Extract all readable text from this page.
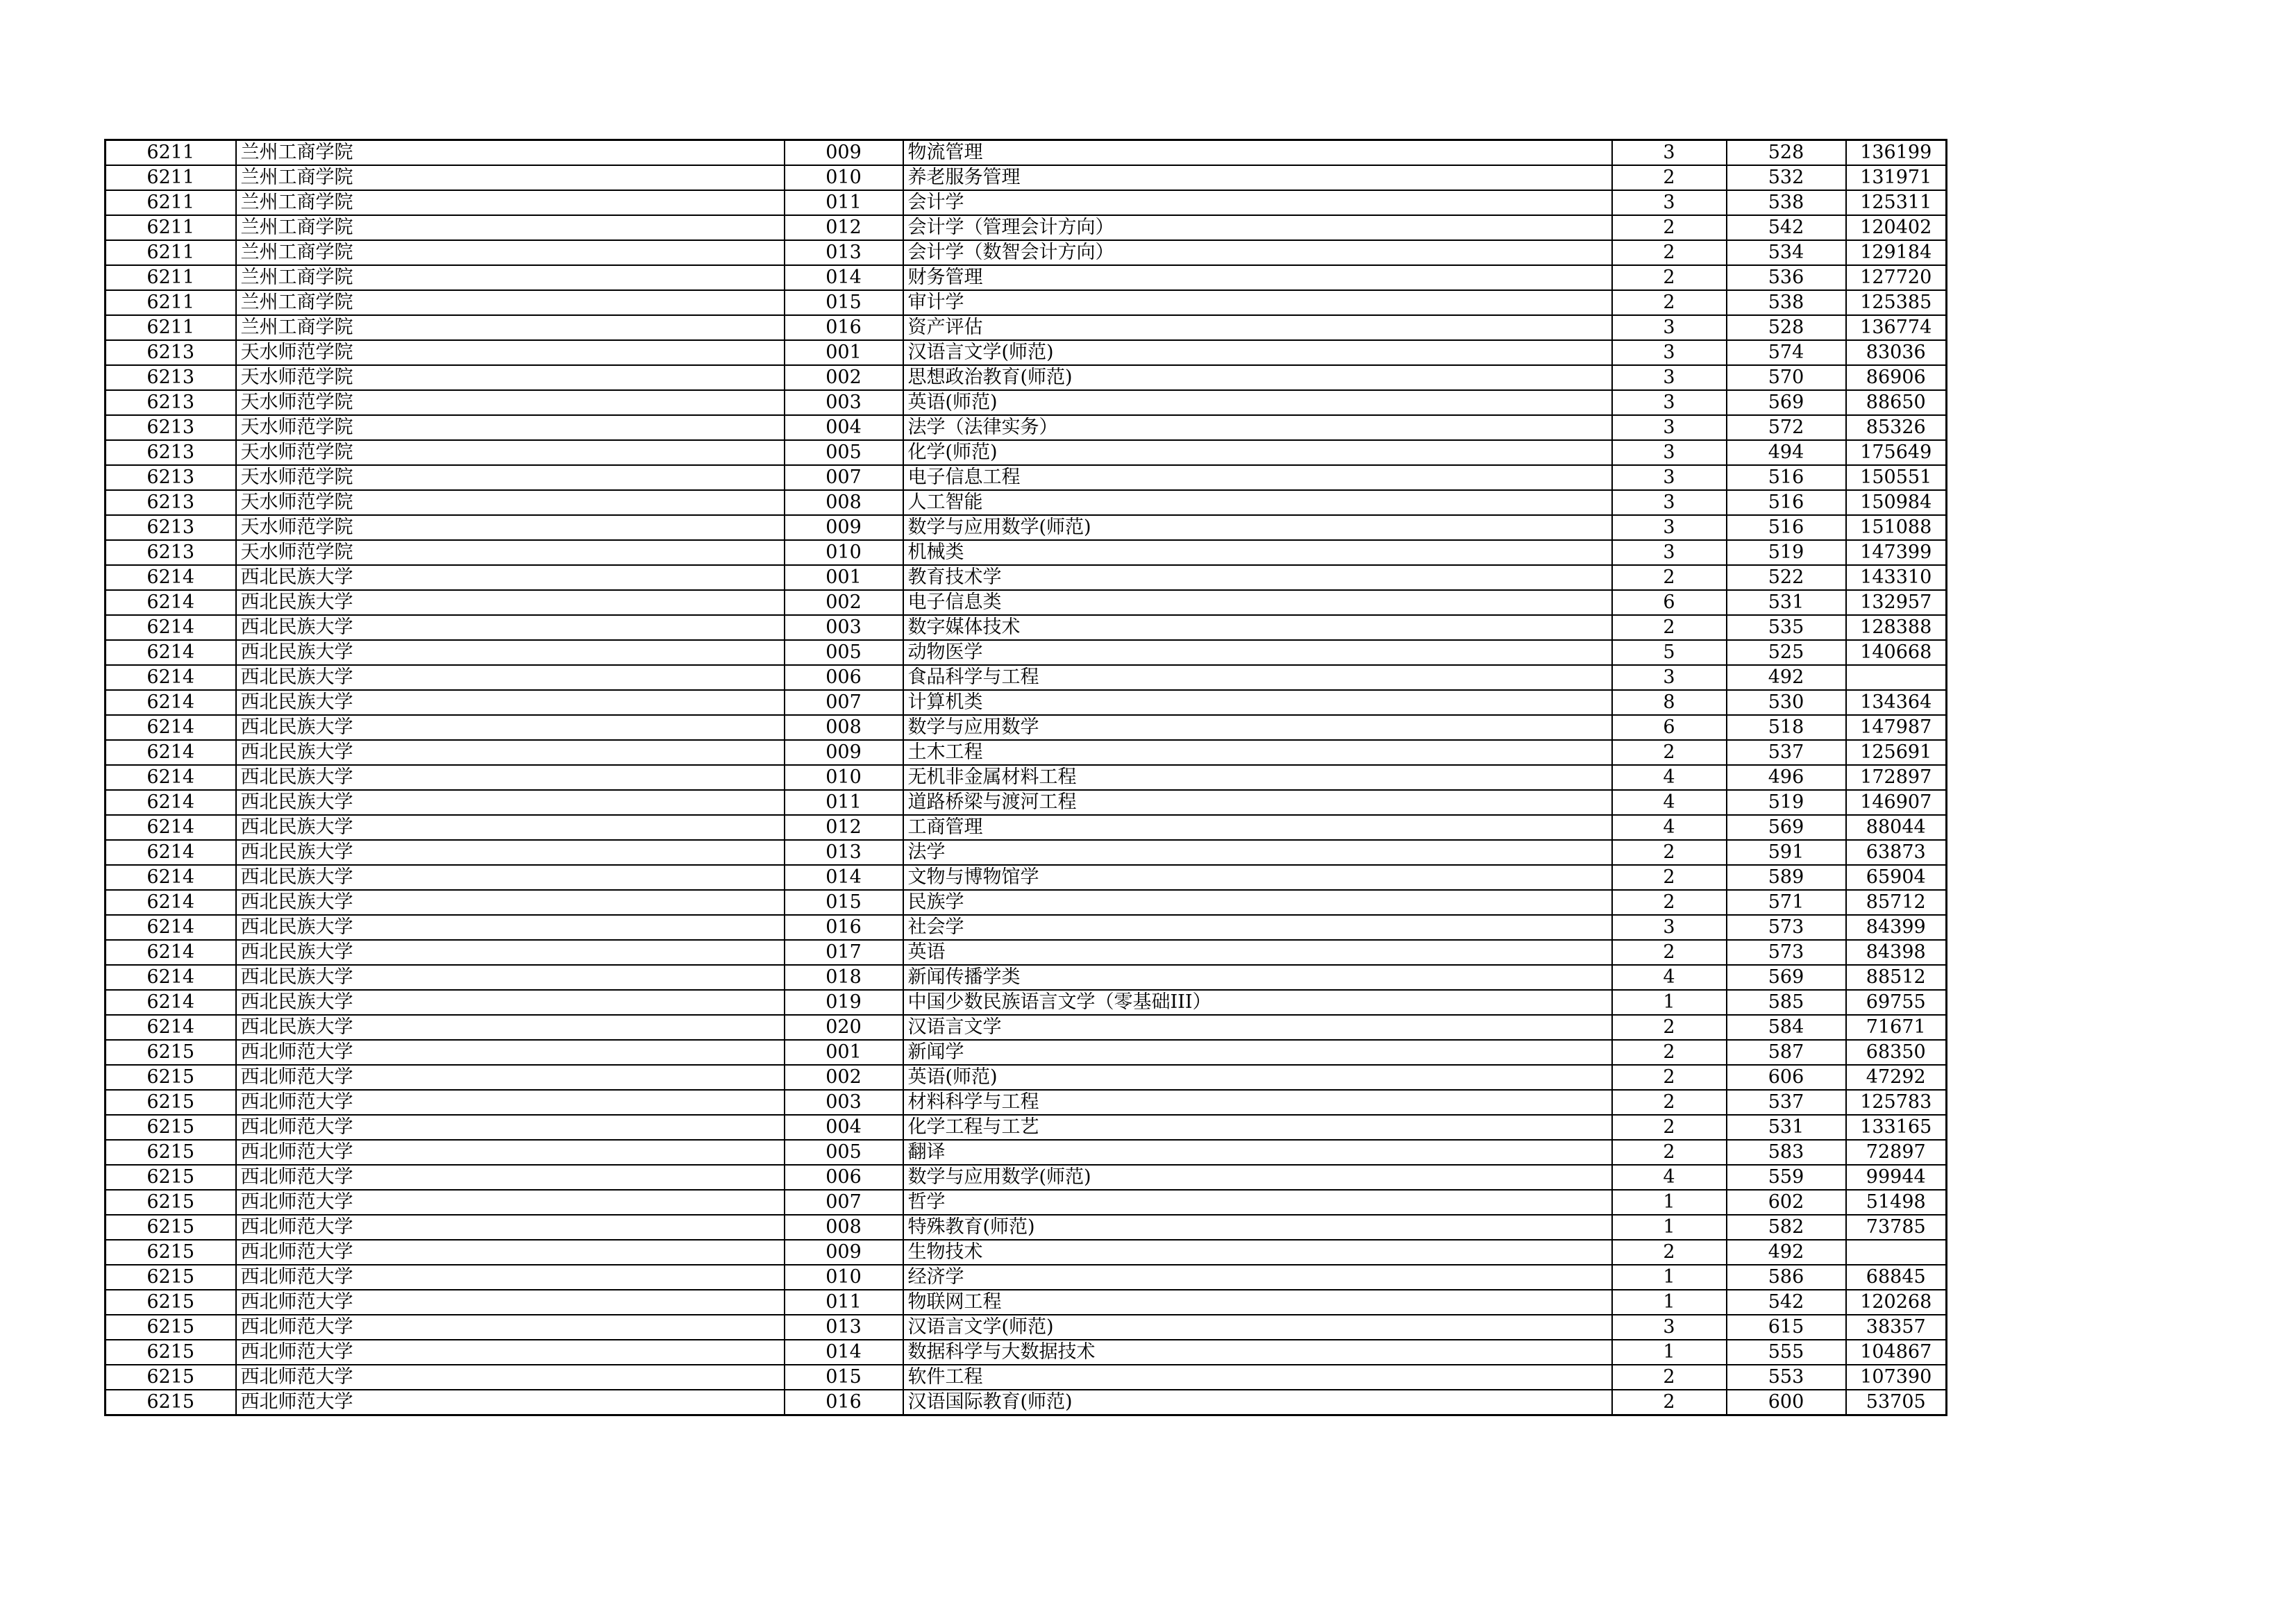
6211	兰州工商学院	009	物流管理	3	528	136199
6211	兰州工商学院	010	养老服务管理	2	532	131971
6211	兰州工商学院	011	会计学	3	538	125311
6211	兰州工商学院	012	会计学（管理会计方向）	2	542	120402
6211	兰州工商学院	013	会计学（数智会计方向）	2	534	129184
6211	兰州工商学院	014	财务管理	2	536	127720
6211	兰州工商学院	015	审计学	2	538	125385
6211	兰州工商学院	016	资产评估	3	528	136774
6213	天水师范学院	001	汉语言文学(师范)	3	574	83036
6213	天水师范学院	002	思想政治教育(师范)	3	570	86906
6213	天水师范学院	003	英语(师范)	3	569	88650
6213	天水师范学院	004	法学（法律实务）	3	572	85326
6213	天水师范学院	005	化学(师范)	3	494	175649
6213	天水师范学院	007	电子信息工程	3	516	150551
6213	天水师范学院	008	人工智能	3	516	150984
6213	天水师范学院	009	数学与应用数学(师范)	3	516	151088
6213	天水师范学院	010	机械类	3	519	147399
6214	西北民族大学	001	教育技术学	2	522	143310
6214	西北民族大学	002	电子信息类	6	531	132957
6214	西北民族大学	003	数字媒体技术	2	535	128388
6214	西北民族大学	005	动物医学	5	525	140668
6214	西北民族大学	006	食品科学与工程	3	492	
6214	西北民族大学	007	计算机类	8	530	134364
6214	西北民族大学	008	数学与应用数学	6	518	147987
6214	西北民族大学	009	土木工程	2	537	125691
6214	西北民族大学	010	无机非金属材料工程	4	496	172897
6214	西北民族大学	011	道路桥梁与渡河工程	4	519	146907
6214	西北民族大学	012	工商管理	4	569	88044
6214	西北民族大学	013	法学	2	591	63873
6214	西北民族大学	014	文物与博物馆学	2	589	65904
6214	西北民族大学	015	民族学	2	571	85712
6214	西北民族大学	016	社会学	3	573	84399
6214	西北民族大学	017	英语	2	573	84398
6214	西北民族大学	018	新闻传播学类	4	569	88512
6214	西北民族大学	019	中国少数民族语言文学（零基础III）	1	585	69755
6214	西北民族大学	020	汉语言文学	2	584	71671
6215	西北师范大学	001	新闻学	2	587	68350
6215	西北师范大学	002	英语(师范)	2	606	47292
6215	西北师范大学	003	材料科学与工程	2	537	125783
6215	西北师范大学	004	化学工程与工艺	2	531	133165
6215	西北师范大学	005	翻译	2	583	72897
6215	西北师范大学	006	数学与应用数学(师范)	4	559	99944
6215	西北师范大学	007	哲学	1	602	51498
6215	西北师范大学	008	特殊教育(师范)	1	582	73785
6215	西北师范大学	009	生物技术	2	492	
6215	西北师范大学	010	经济学	1	586	68845
6215	西北师范大学	011	物联网工程	1	542	120268
6215	西北师范大学	013	汉语言文学(师范)	3	615	38357
6215	西北师范大学	014	数据科学与大数据技术	1	555	104867
6215	西北师范大学	015	软件工程	2	553	107390
6215	西北师范大学	016	汉语国际教育(师范)	2	600	53705
